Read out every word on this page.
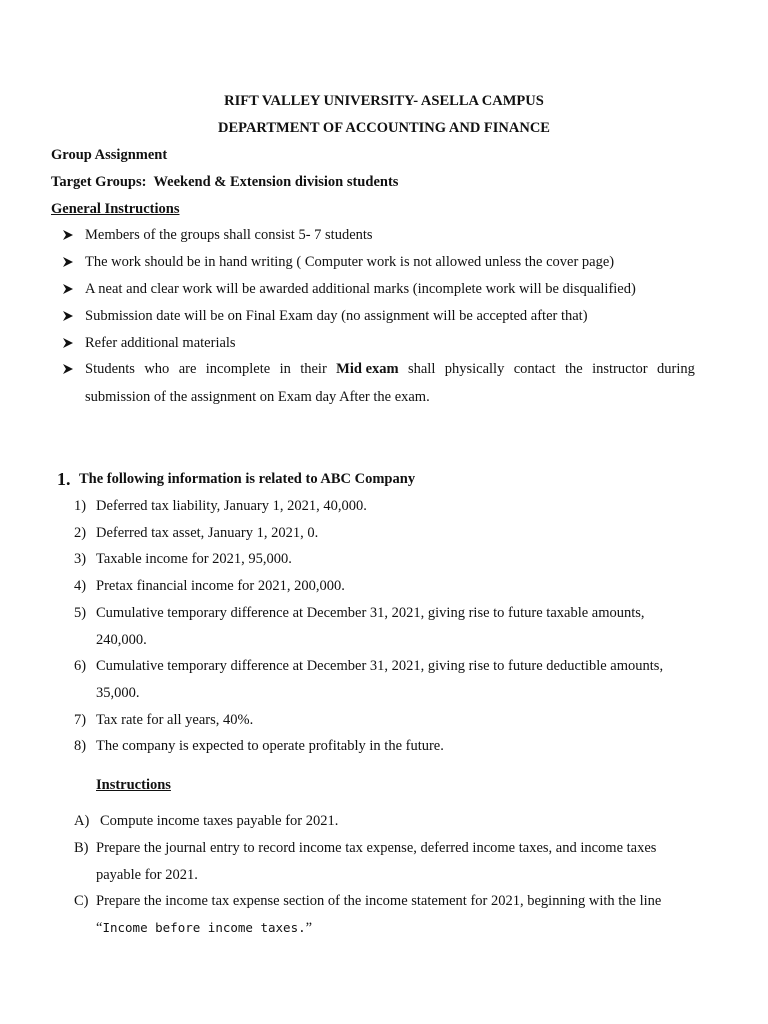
RIFT VALLEY UNIVERSITY- ASELLA CAMPUS
DEPARTMENT OF ACCOUNTING AND FINANCE
Group Assignment
Target Groups: Weekend & Extension division students
General Instructions
Members of the groups shall consist 5- 7 students
The work should be in hand writing ( Computer work is not allowed unless the cover page)
A neat and clear work will be awarded additional marks (incomplete work will be disqualified)
Submission date will be on Final Exam day (no assignment will be accepted after that)
Refer additional materials
Students who are incomplete in their Mid exam shall physically contact the instructor during
submission of the assignment on Exam day After the exam.
1. The following information is related to ABC Company
1) Deferred tax liability, January 1, 2021, 40,000.
2) Deferred tax asset, January 1, 2021, 0.
3) Taxable income for 2021, 95,000.
4) Pretax financial income for 2021, 200,000.
5) Cumulative temporary difference at December 31, 2021, giving rise to future taxable amounts,
240,000.
6) Cumulative temporary difference at December 31, 2021, giving rise to future deductible amounts,
35,000.
7) Tax rate for all years, 40%.
8) The company is expected to operate profitably in the future.
Instructions
A) Compute income taxes payable for 2021.
B) Prepare the journal entry to record income tax expense, deferred income taxes, and income taxes
payable for 2021.
C) Prepare the income tax expense section of the income statement for 2021, beginning with the line
“Income before income taxes.”
